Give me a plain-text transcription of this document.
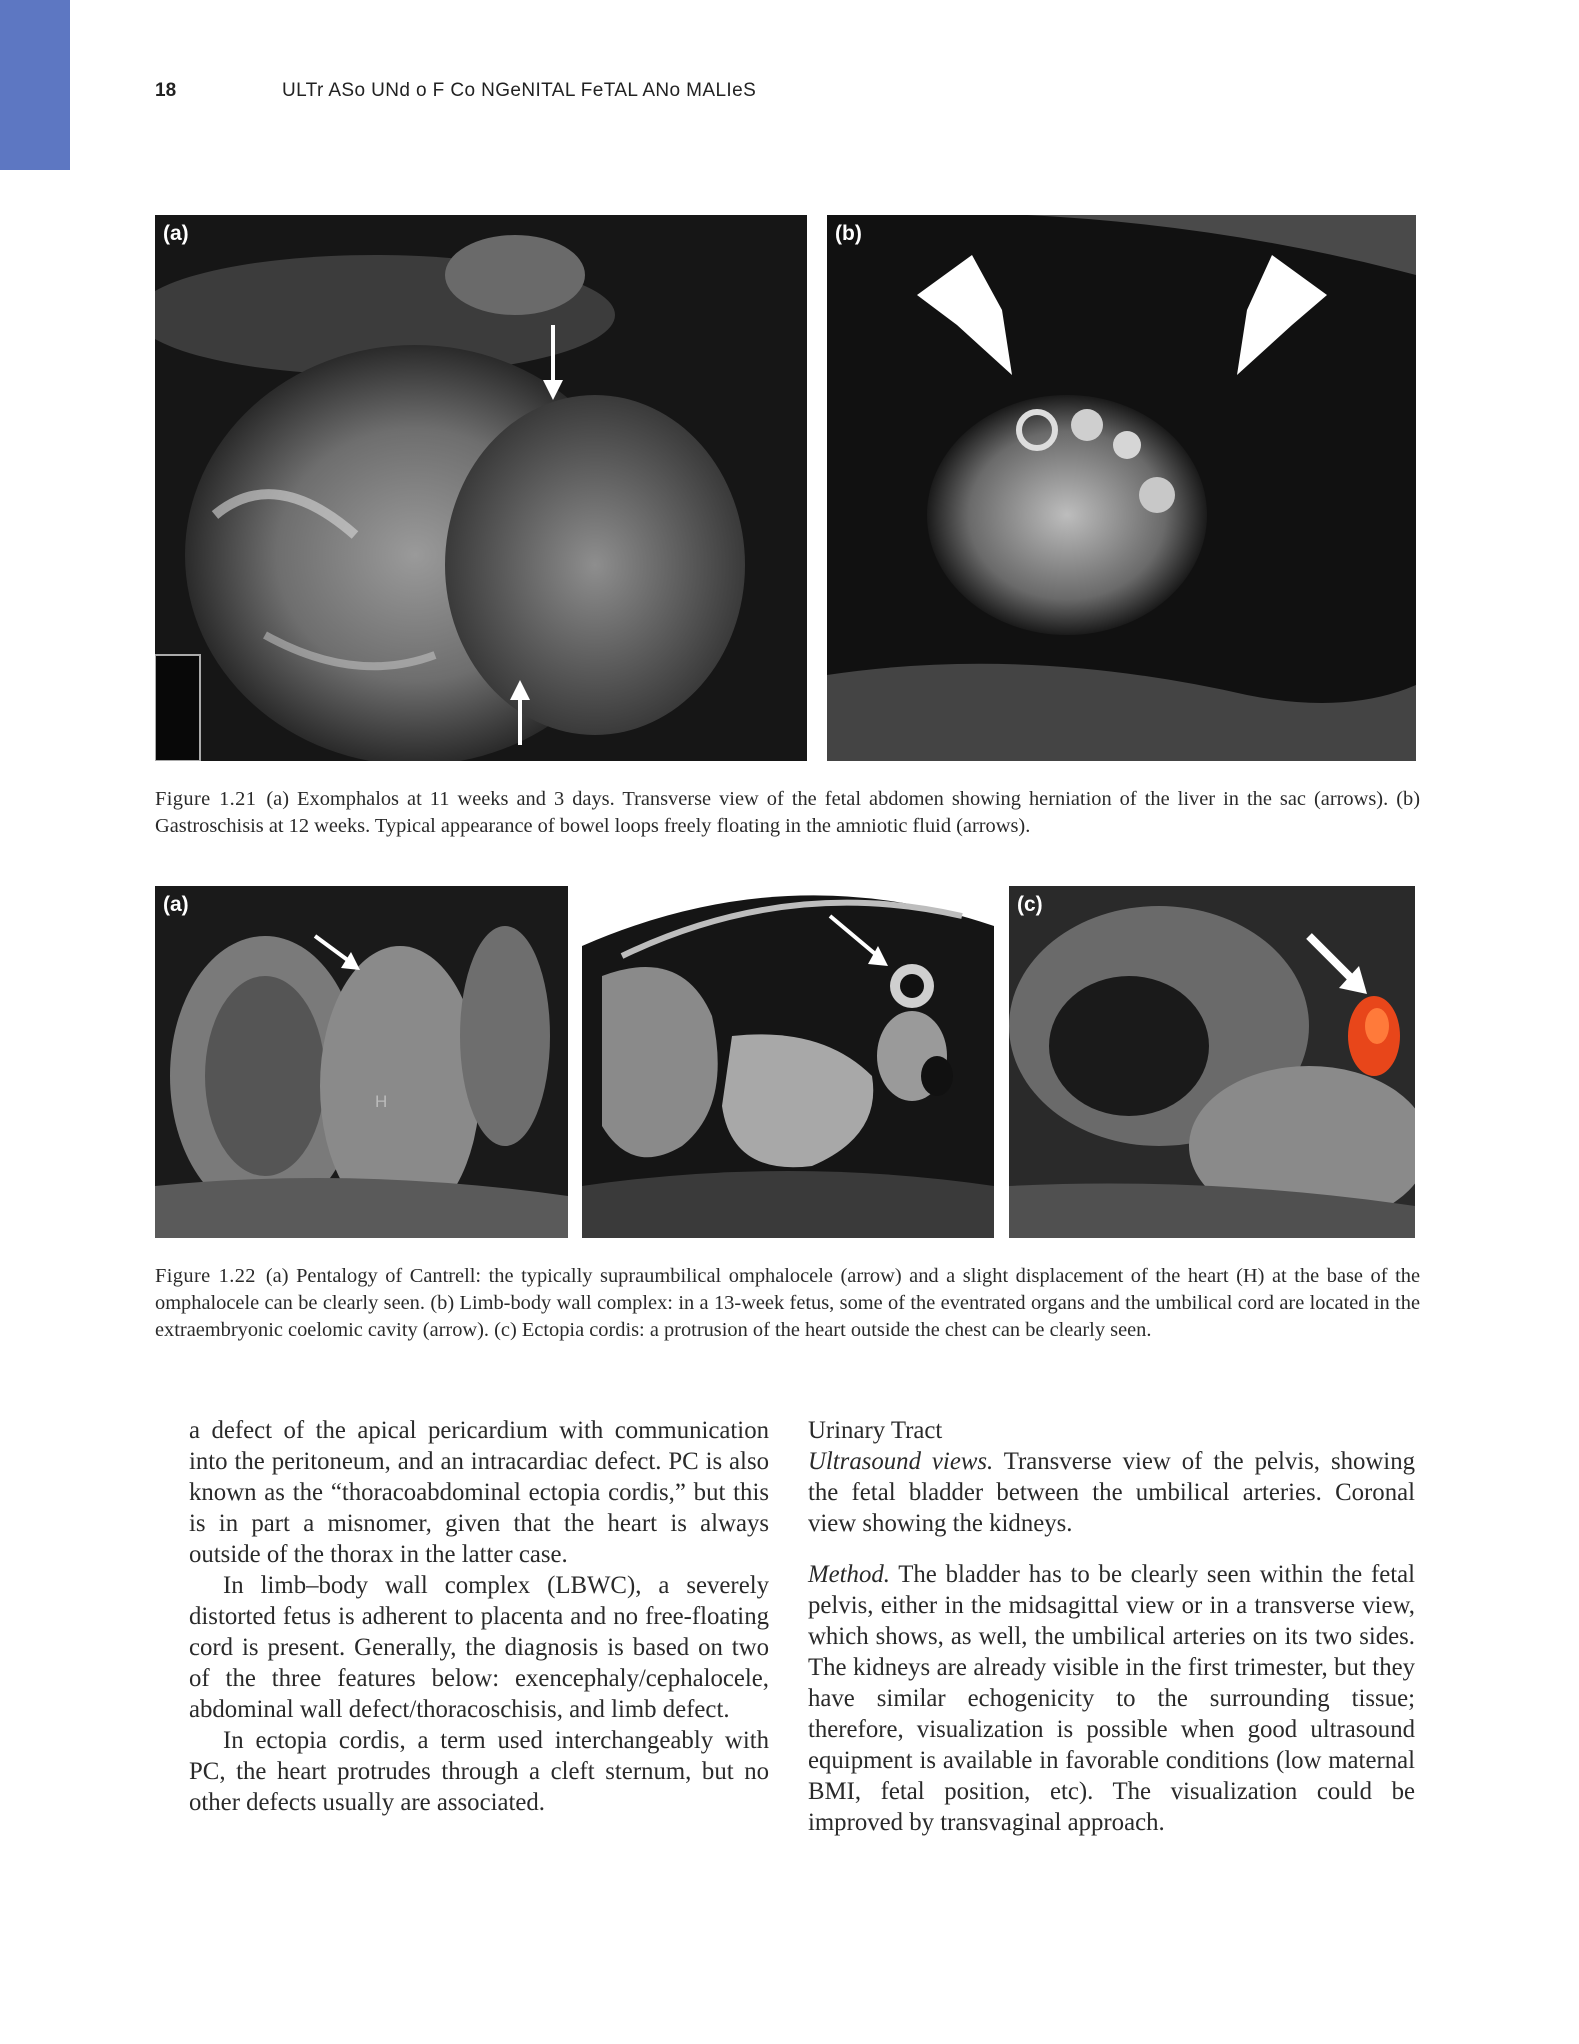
18	ULTr ASo UNd o F Co NGeNITAL FeTAL ANo MALIeS
(a)	(b)
Figure 1.21 (a) Exomphalos at 11 weeks and 3 days. Transverse view of the fetal abdomen showing herniation of the liver in the sac (arrows). (b) Gastroschisis at 12 weeks. Typical appearance of bowel loops freely floating in the amniotic fluid (arrows).
(a)
H
(b)	(c)
Figure 1.22 (a) Pentalogy of Cantrell: the typically supraumbilical omphalocele (arrow) and a slight displacement of the heart (H) at the base of the omphalocele can be clearly seen. (b) Limb-body wall complex: in a 13-week fetus, some of the eventrated organs and the umbilical cord are located in the extraembryonic coelomic cavity (arrow). (c) Ectopia cordis: a protrusion of the heart outside the chest can be clearly seen.

a defect of the apical pericardium with communication into the peritoneum, and an intracardiac defect. PC is also known as the “thoracoabdominal ectopia cordis,” but this is in part a misnomer, given that the heart is always outside of the thorax in the latter case.

In limb–body wall complex (LBWC), a severely distorted fetus is adherent to placenta and no free-floating cord is present. Generally, the diagnosis is based on two of the three features below: exencephaly/cephalocele, abdominal wall defect/thoracoschisis, and limb defect.

In ectopia cordis, a term used interchangeably with PC, the heart protrudes through a cleft sternum, but no other defects usually are associated.

Urinary Tract

Ultrasound views. Transverse view of the pelvis, showing the fetal bladder between the umbilical arteries. Coronal view showing the kidneys.

Method. The bladder has to be clearly seen within the fetal pelvis, either in the midsagittal view or in a transverse view, which shows, as well, the umbilical arteries on its two sides. The kidneys are already visible in the first trimester, but they have similar echogenicity to the surrounding tissue; therefore, visualization is possible when good ultrasound equipment is available in favorable conditions (low maternal BMI, fetal position, etc). The visualization could be improved by transvaginal approach.
